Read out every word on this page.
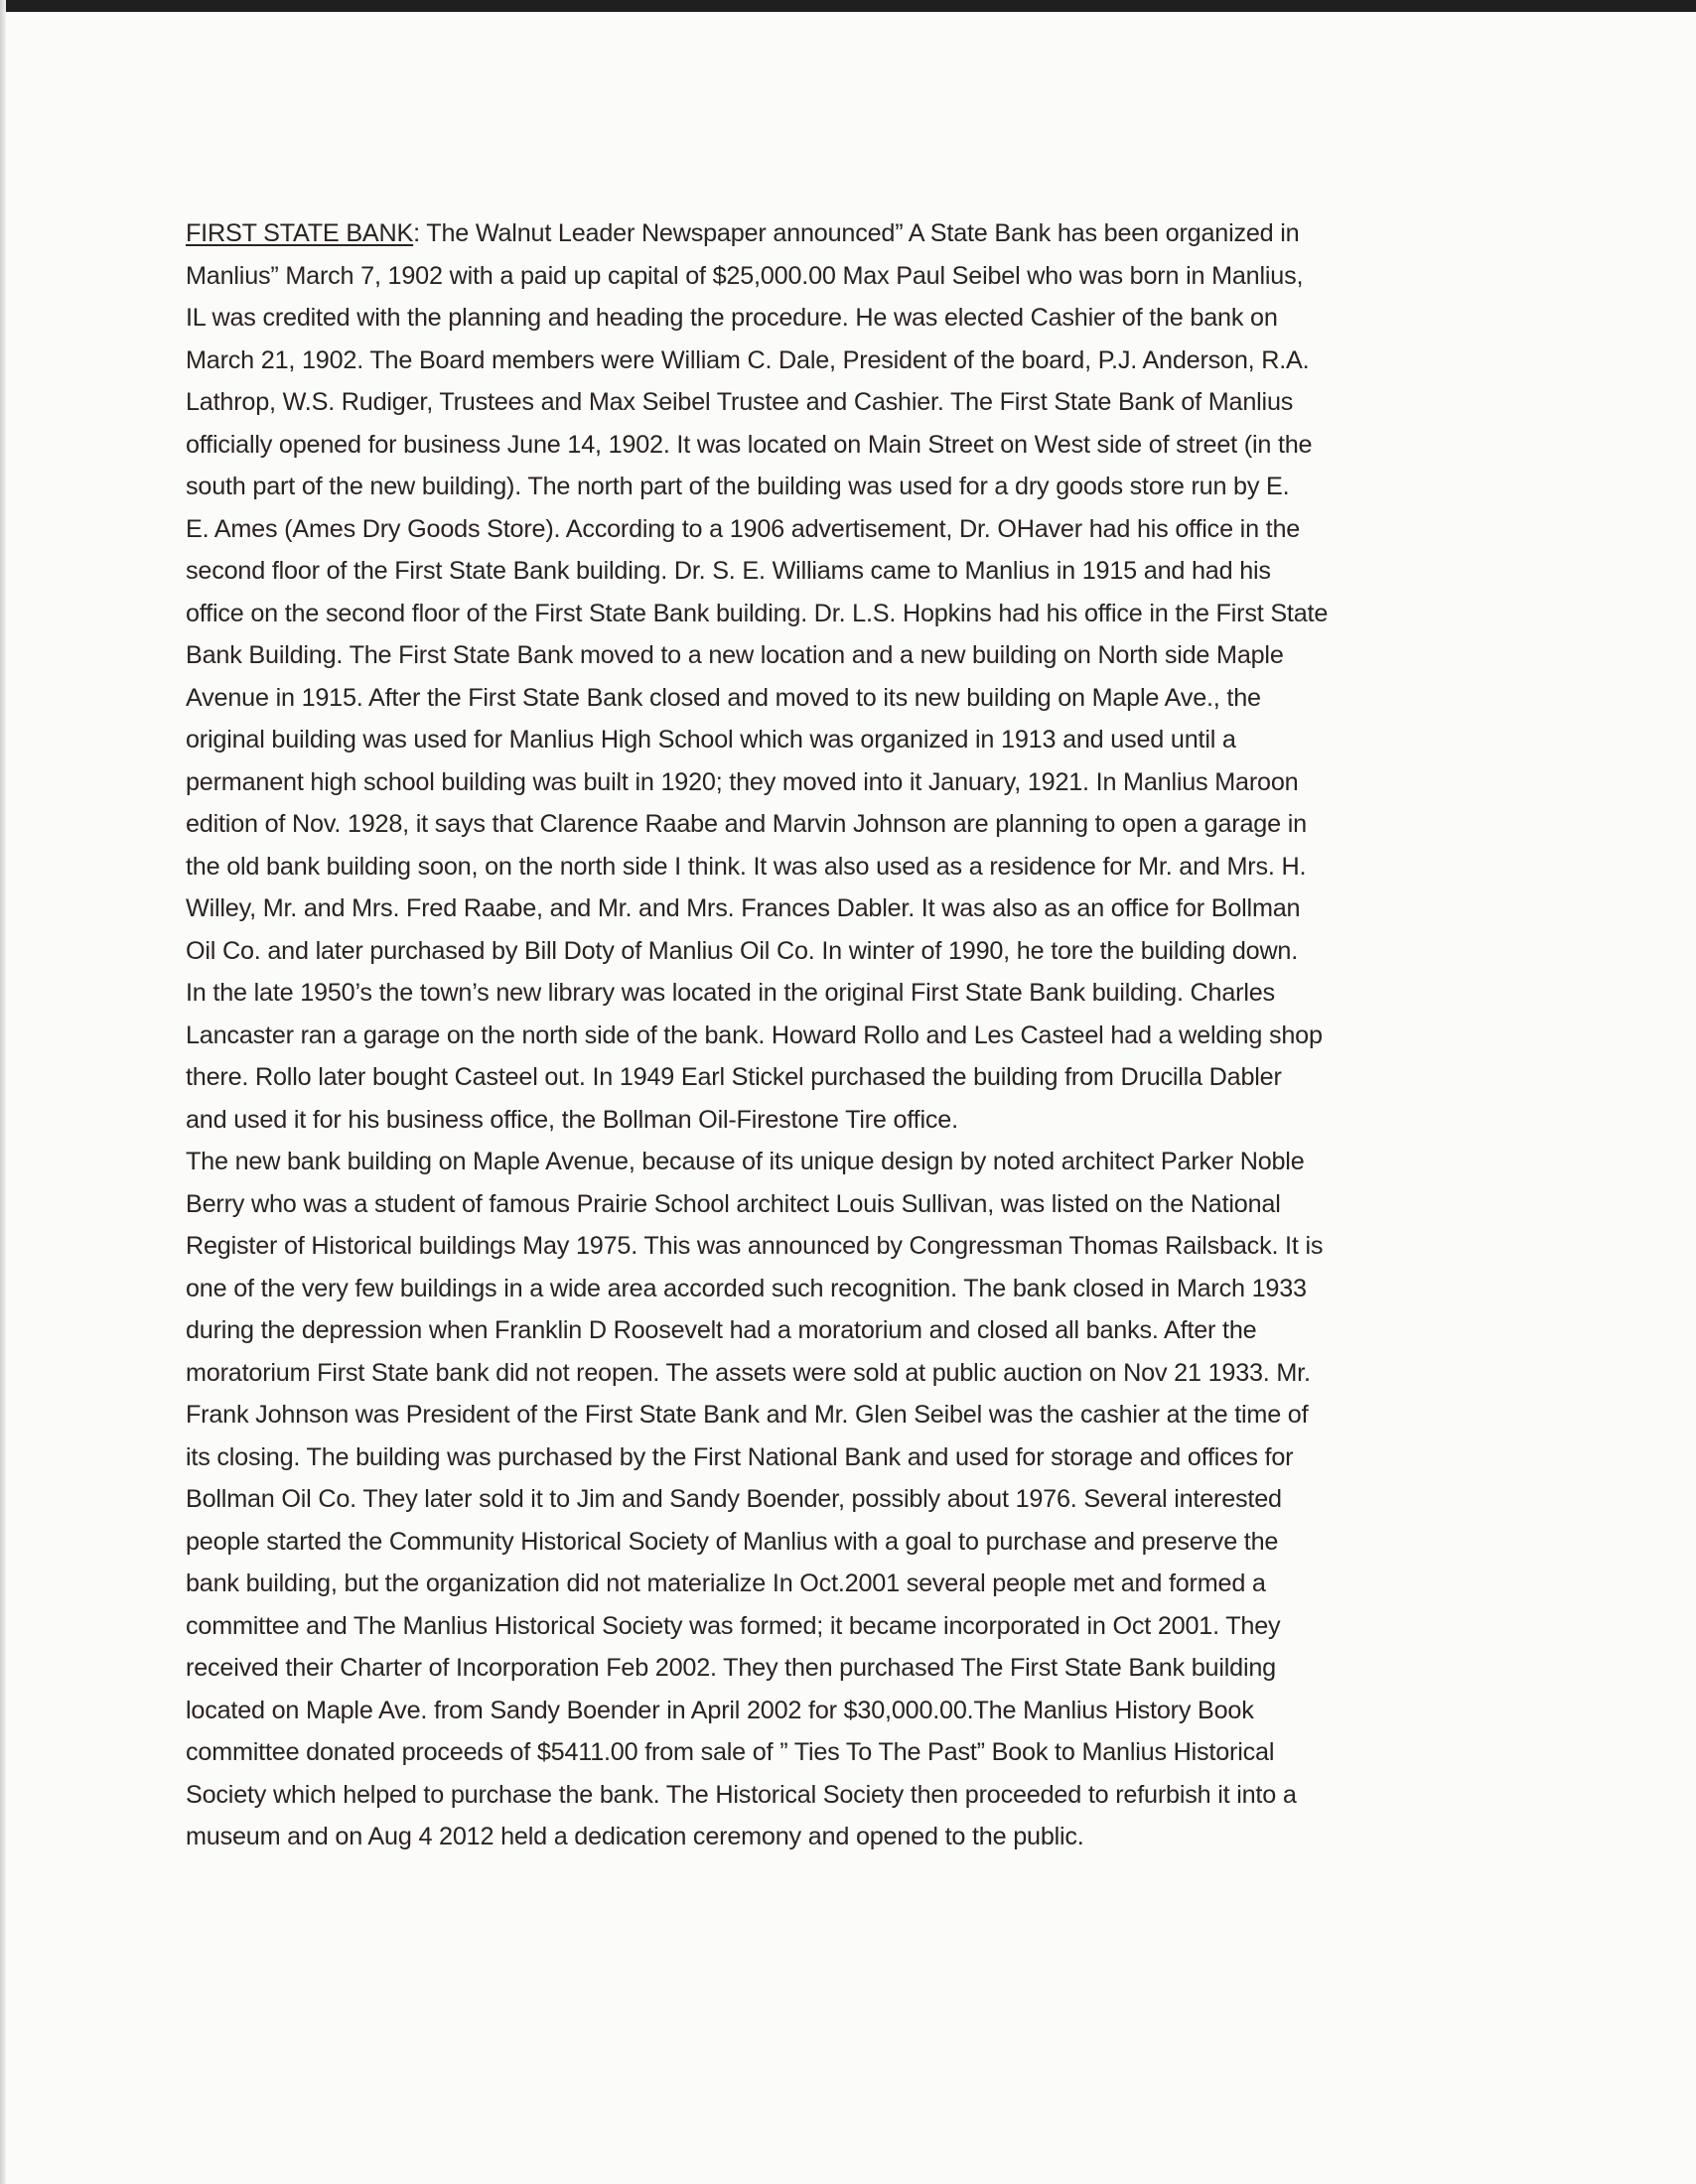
FIRST STATE BANK: The Walnut Leader Newspaper announced” A State Bank has been organized in
Manlius” March 7, 1902 with a paid up capital of $25,000.00 Max Paul Seibel who was born in Manlius,
IL was credited with the planning and heading the procedure. He was elected Cashier of the bank on
March 21, 1902. The Board members were William C. Dale, President of the board, P.J. Anderson, R.A.
Lathrop, W.S. Rudiger, Trustees and Max Seibel Trustee and Cashier. The First State Bank of Manlius
officially opened for business June 14, 1902. It was located on Main Street on West side of street (in the
south part of the new building). The north part of the building was used for a dry goods store run by E.
E. Ames (Ames Dry Goods Store). According to a 1906 advertisement, Dr. OHaver had his office in the
second floor of the First State Bank building. Dr. S. E. Williams came to Manlius in 1915 and had his
office on the second floor of the First State Bank building. Dr. L.S. Hopkins had his office in the First State
Bank Building. The First State Bank moved to a new location and a new building on North side Maple
Avenue in 1915. After the First State Bank closed and moved to its new building on Maple Ave., the
original building was used for Manlius High School which was organized in 1913 and used until a
permanent high school building was built in 1920; they moved into it January, 1921. In Manlius Maroon
edition of Nov. 1928, it says that Clarence Raabe and Marvin Johnson are planning to open a garage in
the old bank building soon, on the north side I think. It was also used as a residence for Mr. and Mrs. H.
Willey, Mr. and Mrs. Fred Raabe, and Mr. and Mrs. Frances Dabler. It was also as an office for Bollman
Oil Co. and later purchased by Bill Doty of Manlius Oil Co. In winter of 1990, he tore the building down.
In the late 1950’s the town’s new library was located in the original First State Bank building. Charles
Lancaster ran a garage on the north side of the bank. Howard Rollo and Les Casteel had a welding shop
there. Rollo later bought Casteel out. In 1949 Earl Stickel purchased the building from Drucilla Dabler
and used it for his business office, the Bollman Oil-Firestone Tire office.
The new bank building on Maple Avenue, because of its unique design by noted architect Parker Noble
Berry who was a student of famous Prairie School architect Louis Sullivan, was listed on the National
Register of Historical buildings May 1975. This was announced by Congressman Thomas Railsback. It is
one of the very few buildings in a wide area accorded such recognition. The bank closed in March 1933
during the depression when Franklin D Roosevelt had a moratorium and closed all banks. After the
moratorium First State bank did not reopen. The assets were sold at public auction on Nov 21 1933. Mr.
Frank Johnson was President of the First State Bank and Mr. Glen Seibel was the cashier at the time of
its closing. The building was purchased by the First National Bank and used for storage and offices for
Bollman Oil Co. They later sold it to Jim and Sandy Boender, possibly about 1976. Several interested
people started the Community Historical Society of Manlius with a goal to purchase and preserve the
bank building, but the organization did not materialize In Oct.2001 several people met and formed a
committee and The Manlius Historical Society was formed; it became incorporated in Oct 2001. They
received their Charter of Incorporation Feb 2002. They then purchased The First State Bank building
located on Maple Ave. from Sandy Boender in April 2002 for $30,000.00.The Manlius History Book
committee donated proceeds of $5411.00 from sale of ” Ties To The Past” Book to Manlius Historical
Society which helped to purchase the bank. The Historical Society then proceeded to refurbish it into a
museum and on Aug 4 2012 held a dedication ceremony and opened to the public.
